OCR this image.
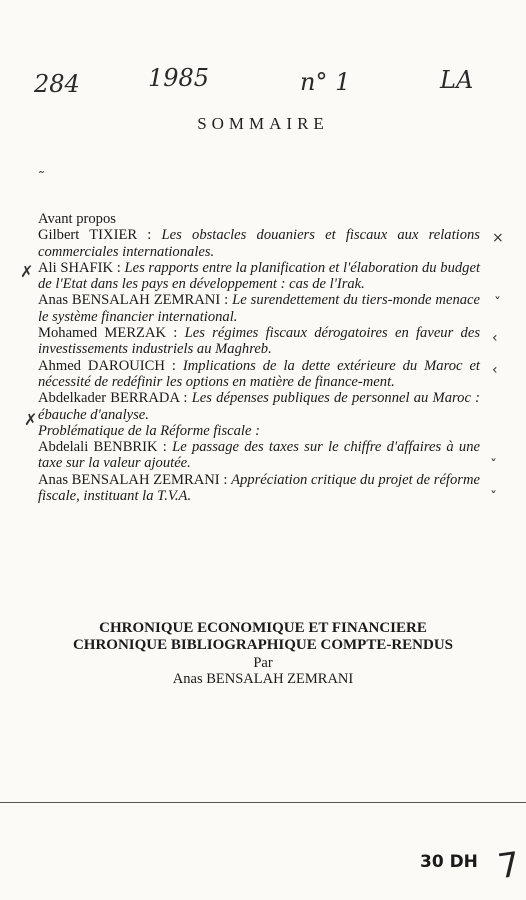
284	1985	n° 1	LA
SOMMAIRE

Avant propos

Gilbert TIXIER : Les obstacles douaniers et fiscaux aux relations commerciales internationales.

Ali SHAFIK : Les rapports entre la planification et l'élaboration du budget de l'Etat dans les pays en développement : cas de l'Irak.

Anas BENSALAH ZEMRANI : Le surendettement du tiers-monde menace le système financier international.

Mohamed MERZAK : Les régimes fiscaux dérogatoires en faveur des investissements industriels au Maghreb.

Ahmed DAROUICH : Implications de la dette extérieure du Maroc et nécessité de redéfinir les options en matière de finance-ment.

Abdelkader BERRADA : Les dépenses publiques de personnel au Maroc : ébauche d'analyse.

Problématique de la Réforme fiscale :

Abdelali BENBRIK : Le passage des taxes sur le chiffre d'affaires à une taxe sur la valeur ajoutée.

Anas BENSALAH ZEMRANI : Appréciation critique du projet de réforme fiscale, instituant la T.V.A.

✗
✗
×
ˇ
‹
‹
ˇ
ˇ
˜
CHRONIQUE ECONOMIQUE ET FINANCIERE
CHRONIQUE BIBLIOGRAPHIQUE COMPTE-RENDUS
Par
Anas BENSALAH ZEMRANI
30 DH 7
